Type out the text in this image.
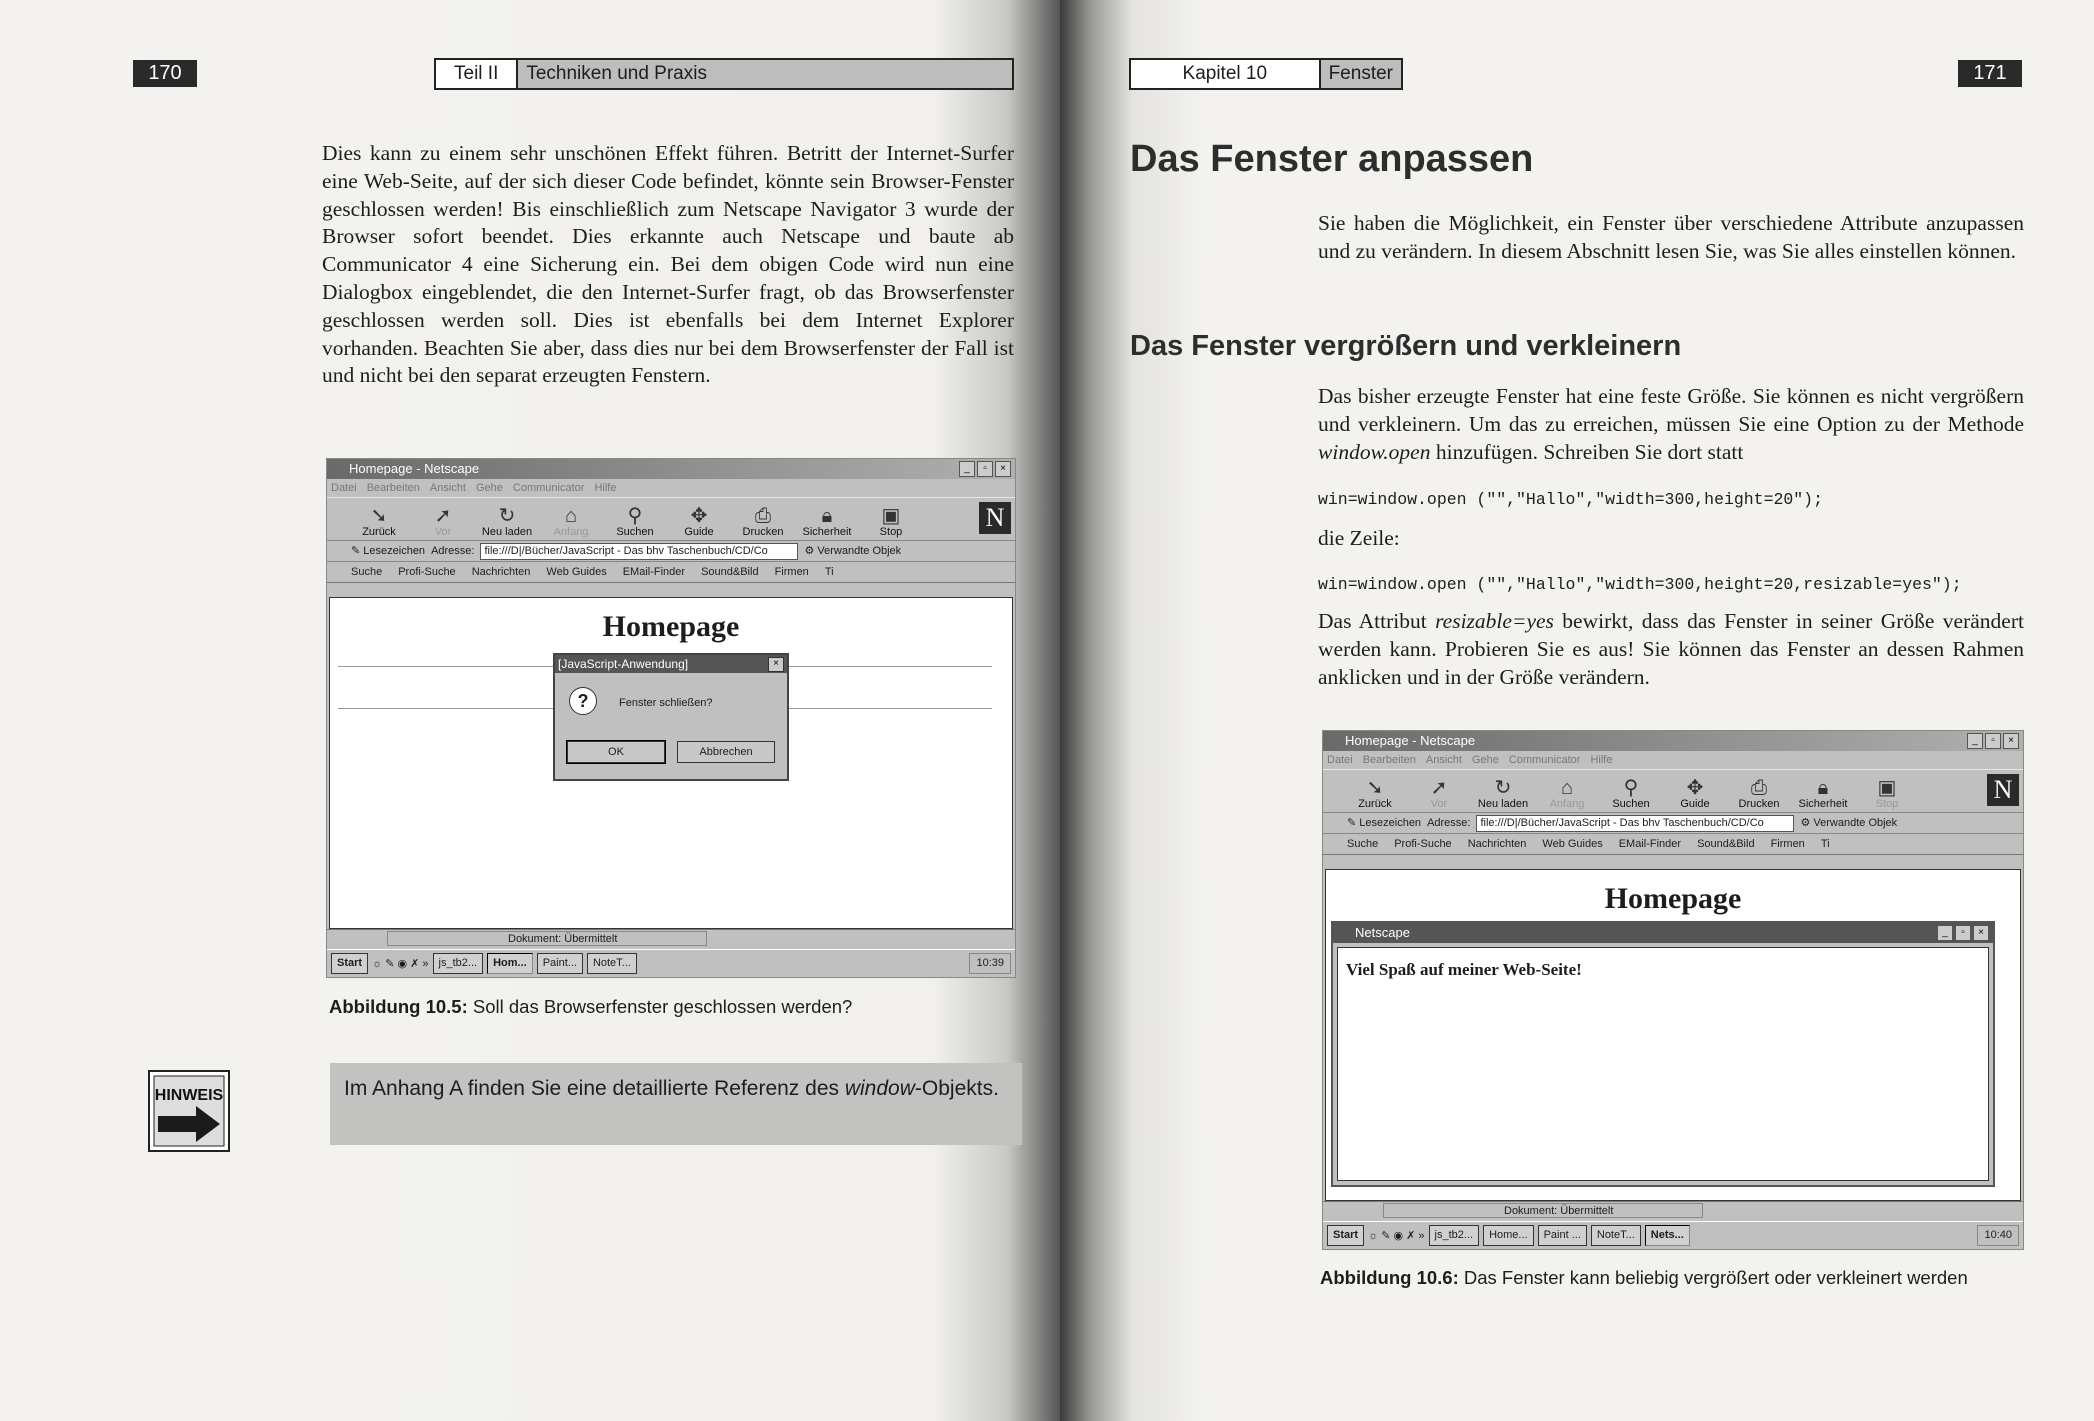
170	Teil II	Techniken und Praxis
Dies kann zu einem sehr unschönen Effekt führen. Betritt der Internet-Surfer eine Web-Seite, auf der sich dieser Code befindet, könnte sein Browser-Fenster geschlossen werden! Bis einschließlich zum Netscape Navigator 3 wurde der Browser sofort beendet. Dies erkannte auch Netscape und baute ab Communicator 4 eine Sicherung ein. Bei dem obigen Code wird nun eine Dialogbox eingeblendet, die den Internet-Surfer fragt, ob das Browserfenster geschlossen werden soll. Dies ist ebenfalls bei dem Internet Explorer vorhanden. Beachten Sie aber, dass dies nur bei dem Browserfenster der Fall ist und nicht bei den separat erzeugten Fenstern.
Homepage - Netscape	_	▫	×
Datei Bearbeiten Ansicht Gehe Communicator Hilfe
➘
Zurück
➚
Vor
↻
Neu laden
⌂
Anfang
⚲
Suchen
✥
Guide
⎙
Drucken
🔒︎
Sicherheit
▣
Stop	N
✎ Lesezeichen Adresse: file:///D|/Bücher/JavaScript - Das bhv Taschenbuch/CD/Co	⚙ Verwandte Objek
Suche Profi-Suche Nachrichten Web Guides EMail-Finder Sound&Bild Firmen Ti
Homepage
[JavaScript-Anwendung]	×
?	Fenster schließen?
OK	Abbrechen
Dokument: Übermittelt
Start ☼ ✎ ◉ ✗ » js_tb2...	Hom...	Paint...	NoteT...	10:39
Abbildung 10.5: Soll das Browserfenster geschlossen werden?
HINWEIS	Im Anhang A finden Sie eine detaillierte Referenz des window-Objekts.
Kapitel 10	Fenster	171
Das Fenster anpassen
Sie haben die Möglichkeit, ein Fenster über verschiedene Attribute anzupassen und zu verändern. In diesem Abschnitt lesen Sie, was Sie alles einstellen können.
Das Fenster vergrößern und verkleinern
Das bisher erzeugte Fenster hat eine feste Größe. Sie können es nicht vergrößern und verkleinern. Um das zu erreichen, müssen Sie eine Option zu der Methode window.open hinzufügen. Schreiben Sie dort statt
win=window.open ("","Hallo","width=300,height=20");
die Zeile:
win=window.open ("","Hallo","width=300,height=20,resizable=yes");
Das Attribut resizable=yes bewirkt, dass das Fenster in seiner Größe verändert werden kann. Probieren Sie es aus! Sie können das Fenster an dessen Rahmen anklicken und in der Größe verändern.
Homepage - Netscape	_	▫	×
Datei Bearbeiten Ansicht Gehe Communicator Hilfe
➘
Zurück
➚
Vor
↻
Neu laden
⌂
Anfang
⚲
Suchen
✥
Guide
⎙
Drucken
🔒︎
Sicherheit
▣
Stop	N
✎ Lesezeichen Adresse: file:///D|/Bücher/JavaScript - Das bhv Taschenbuch/CD/Co	⚙ Verwandte Objek
Suche Profi-Suche Nachrichten Web Guides EMail-Finder Sound&Bild Firmen Ti
Homepage
Netscape	_	▫	×
Viel Spaß auf meiner Web-Seite!
Dokument: Übermittelt
Start ☼ ✎ ◉ ✗ » js_tb2...	Home...	Paint ...	NoteT...	Nets...	10:40
Abbildung 10.6: Das Fenster kann beliebig vergrößert oder verkleinert werden
